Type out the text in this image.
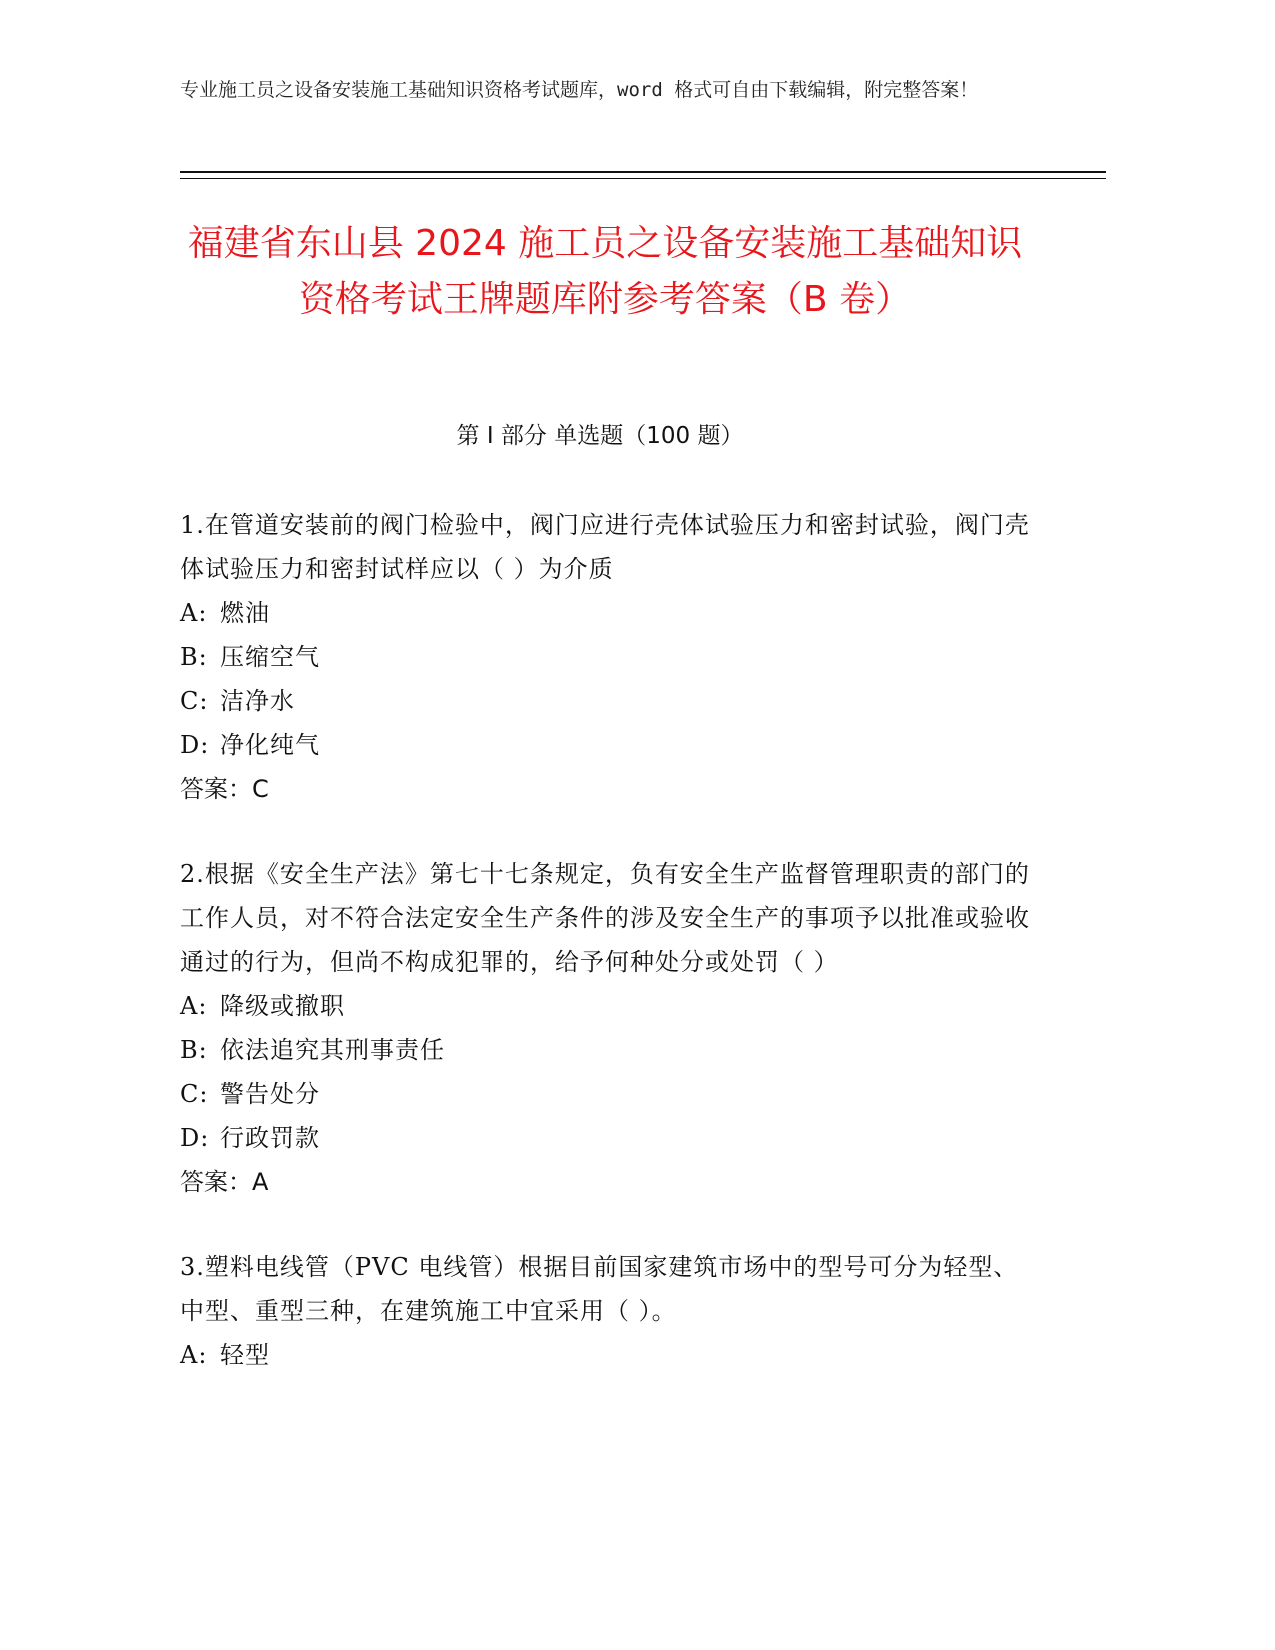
专业施工员之设备安装施工基础知识资格考试题库，word 格式可自由下载编辑，附完整答案！
福建省东山县 2024 施工员之设备安装施工基础知识资格考试王牌题库附参考答案（B 卷）
第 I 部分 单选题（100 题）
1.在管道安装前的阀门检验中，阀门应进行壳体试验压力和密封试验，阀门壳体试验压力和密封试样应以（ ）为介质
A: 燃油
B: 压缩空气
C: 洁净水
D: 净化纯气
答案：C
2.根据《安全生产法》第七十七条规定，负有安全生产监督管理职责的部门的工作人员，对不符合法定安全生产条件的涉及安全生产的事项予以批准或验收通过的行为，但尚不构成犯罪的，给予何种处分或处罚（ ）
A: 降级或撤职
B: 依法追究其刑事责任
C: 警告处分
D: 行政罚款
答案：A
3.塑料电线管（PVC 电线管）根据目前国家建筑市场中的型号可分为轻型、中型、重型三种，在建筑施工中宜采用（ ）。
A: 轻型
